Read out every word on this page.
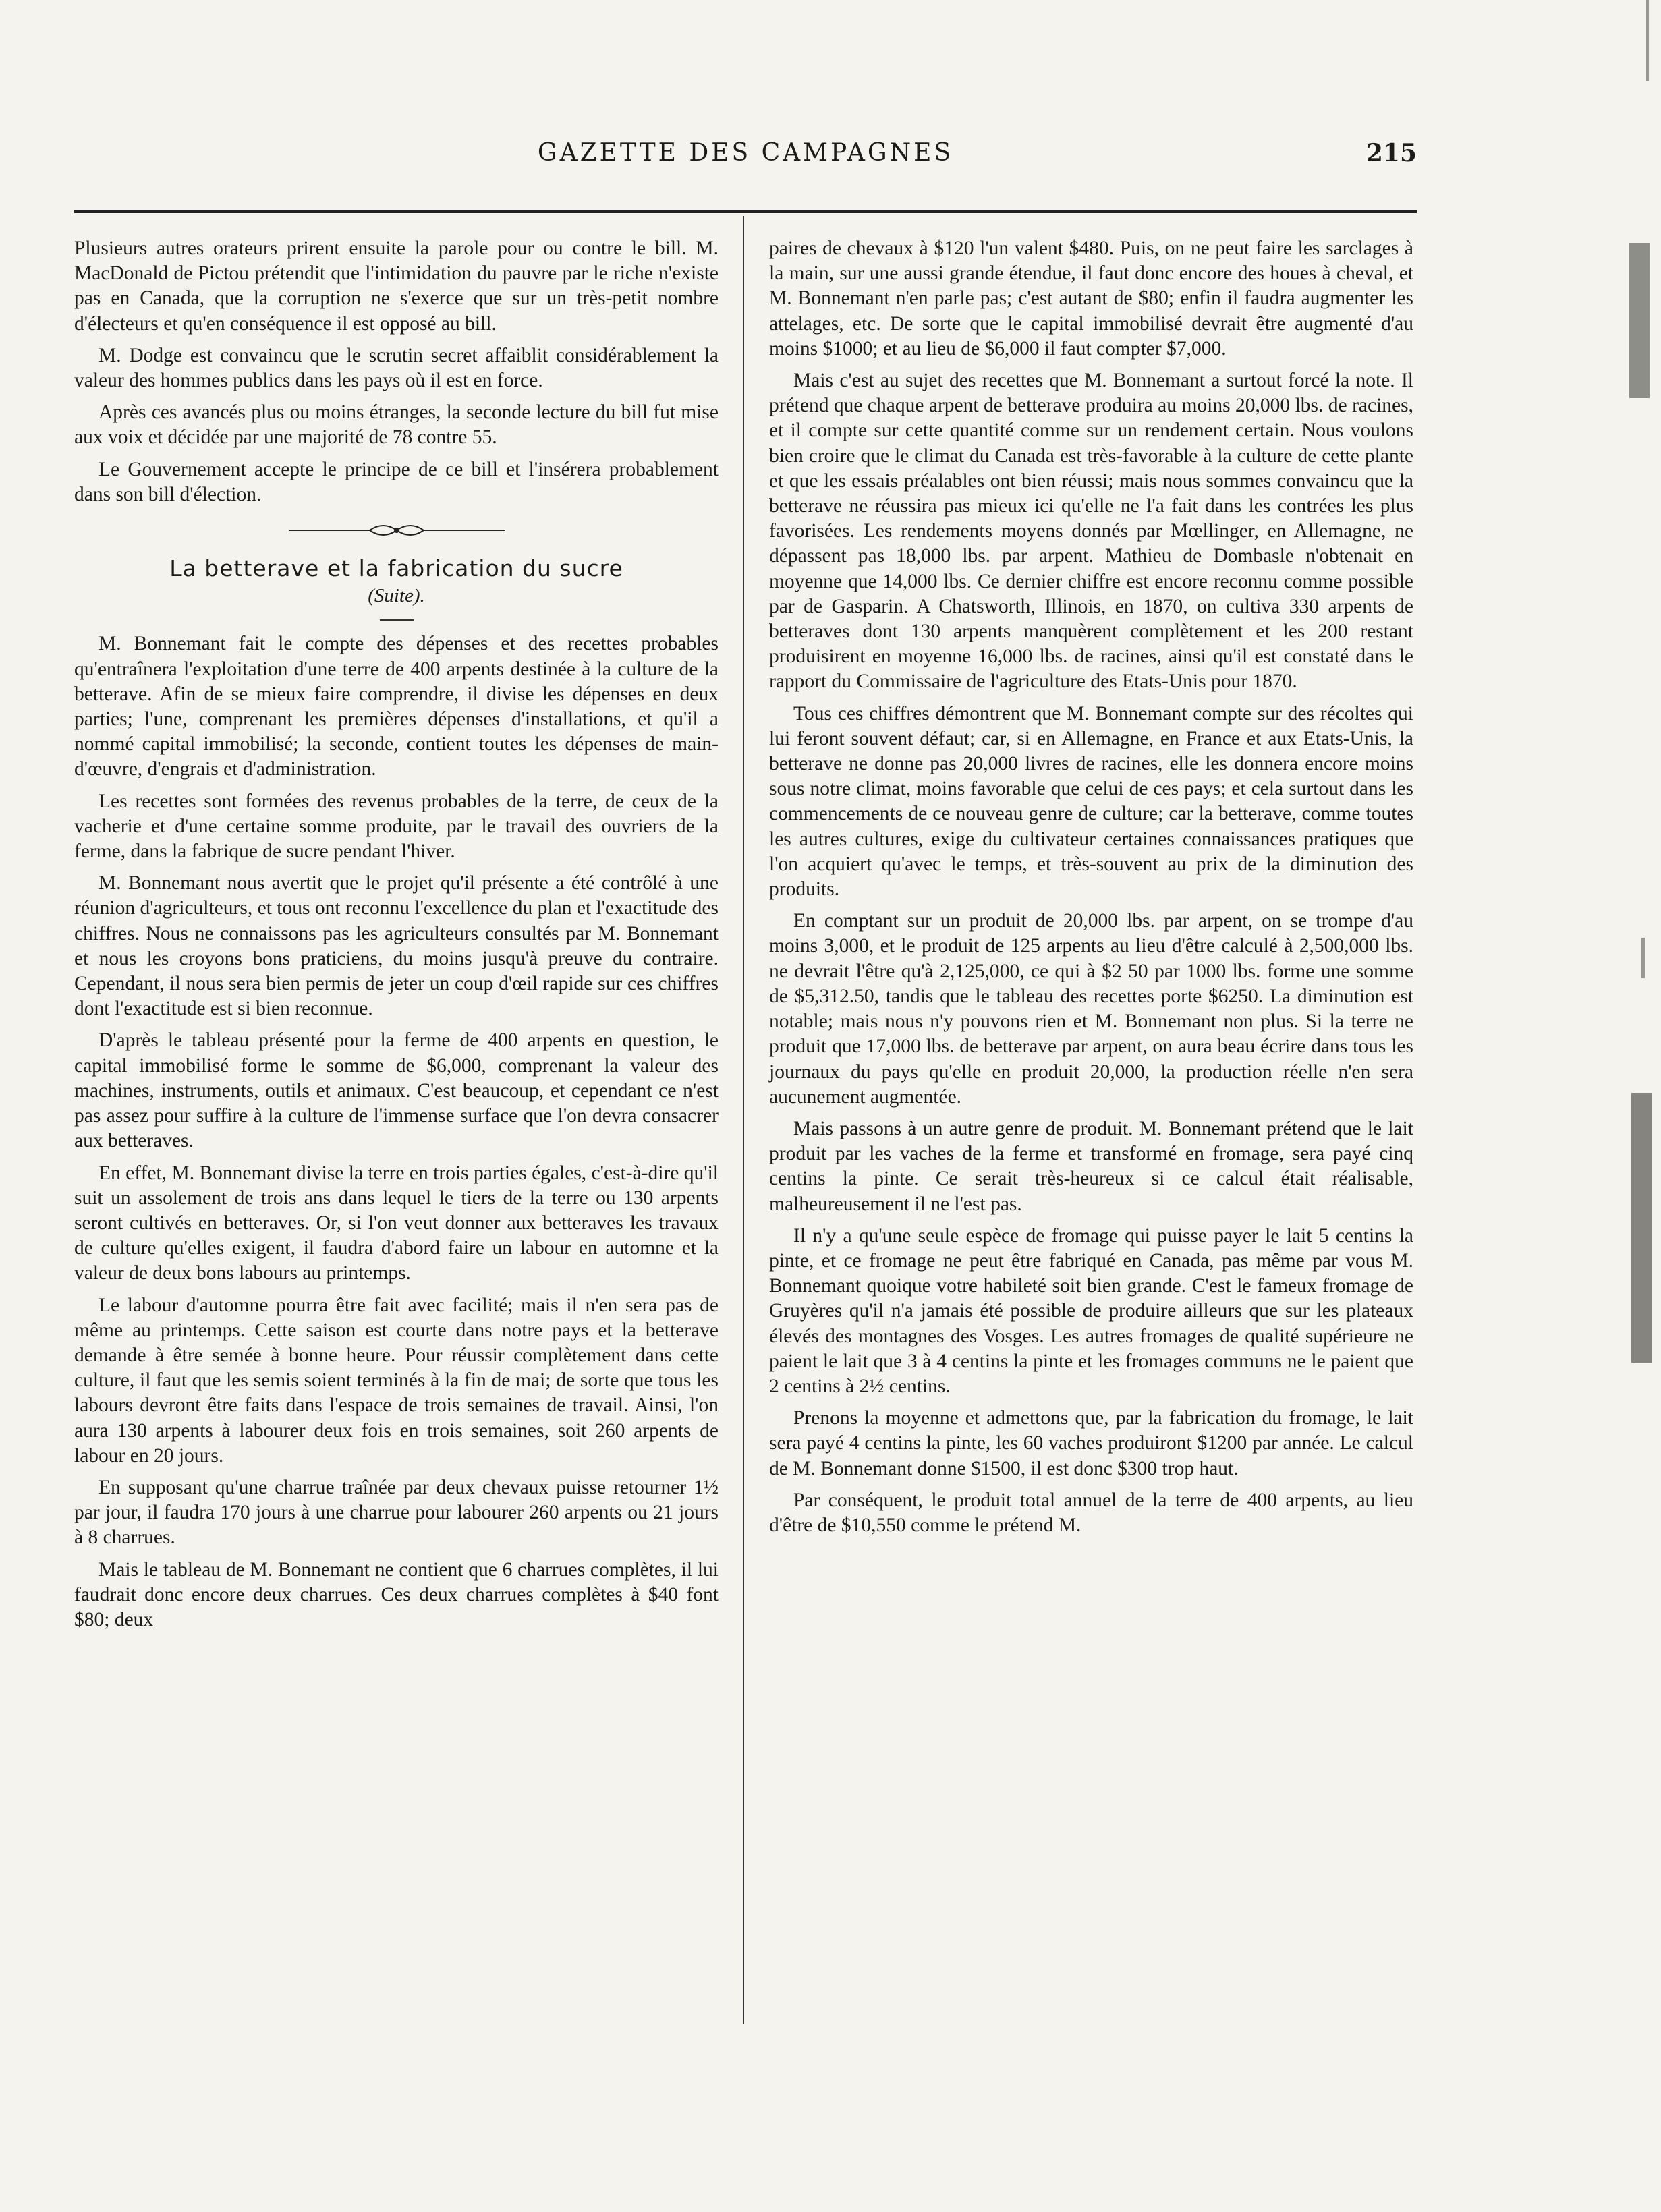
GAZETTE DES CAMPAGNES	215

Plusieurs autres orateurs prirent ensuite la parole pour ou contre le bill. M. MacDonald de Pictou prétendit que l'intimidation du pauvre par le riche n'existe pas en Canada, que la corruption ne s'exerce que sur un très-petit nombre d'électeurs et qu'en conséquence il est opposé au bill.

M. Dodge est convaincu que le scrutin secret affaiblit considérablement la valeur des hommes publics dans les pays où il est en force.

Après ces avancés plus ou moins étranges, la seconde lecture du bill fut mise aux voix et décidée par une majorité de 78 contre 55.

Le Gouvernement accepte le principe de ce bill et l'insérera probablement dans son bill d'élection.

La betterave et la fabrication du sucre
(Suite).

M. Bonnemant fait le compte des dépenses et des recettes probables qu'entraînera l'exploitation d'une terre de 400 arpents destinée à la culture de la betterave. Afin de se mieux faire comprendre, il divise les dépenses en deux parties; l'une, comprenant les premières dépenses d'installations, et qu'il a nommé capital immobilisé; la seconde, contient toutes les dépenses de main-d'œuvre, d'engrais et d'administration.

Les recettes sont formées des revenus probables de la terre, de ceux de la vacherie et d'une certaine somme produite, par le travail des ouvriers de la ferme, dans la fabrique de sucre pendant l'hiver.

M. Bonnemant nous avertit que le projet qu'il présente a été contrôlé à une réunion d'agriculteurs, et tous ont reconnu l'excellence du plan et l'exactitude des chiffres. Nous ne connaissons pas les agriculteurs consultés par M. Bonnemant et nous les croyons bons praticiens, du moins jusqu'à preuve du contraire. Cependant, il nous sera bien permis de jeter un coup d'œil rapide sur ces chiffres dont l'exactitude est si bien reconnue.

D'après le tableau présenté pour la ferme de 400 arpents en question, le capital immobilisé forme le somme de $6,000, comprenant la valeur des machines, instruments, outils et animaux. C'est beaucoup, et cependant ce n'est pas assez pour suffire à la culture de l'immense surface que l'on devra consacrer aux betteraves.

En effet, M. Bonnemant divise la terre en trois parties égales, c'est-à-dire qu'il suit un assolement de trois ans dans lequel le tiers de la terre ou 130 arpents seront cultivés en betteraves. Or, si l'on veut donner aux betteraves les travaux de culture qu'elles exigent, il faudra d'abord faire un labour en automne et la valeur de deux bons labours au printemps.

Le labour d'automne pourra être fait avec facilité; mais il n'en sera pas de même au printemps. Cette saison est courte dans notre pays et la betterave demande à être semée à bonne heure. Pour réussir complètement dans cette culture, il faut que les semis soient terminés à la fin de mai; de sorte que tous les labours devront être faits dans l'espace de trois semaines de travail. Ainsi, l'on aura 130 arpents à labourer deux fois en trois semaines, soit 260 arpents de labour en 20 jours.

En supposant qu'une charrue traînée par deux chevaux puisse retourner 1½ par jour, il faudra 170 jours à une charrue pour labourer 260 arpents ou 21 jours à 8 charrues.

Mais le tableau de M. Bonnemant ne contient que 6 charrues complètes, il lui faudrait donc encore deux charrues. Ces deux charrues complètes à $40 font $80; deux

paires de chevaux à $120 l'un valent $480. Puis, on ne peut faire les sarclages à la main, sur une aussi grande étendue, il faut donc encore des houes à cheval, et M. Bonnemant n'en parle pas; c'est autant de $80; enfin il faudra augmenter les attelages, etc. De sorte que le capital immobilisé devrait être augmenté d'au moins $1000; et au lieu de $6,000 il faut compter $7,000.

Mais c'est au sujet des recettes que M. Bonnemant a surtout forcé la note. Il prétend que chaque arpent de betterave produira au moins 20,000 lbs. de racines, et il compte sur cette quantité comme sur un rendement certain. Nous voulons bien croire que le climat du Canada est très-favorable à la culture de cette plante et que les essais préalables ont bien réussi; mais nous sommes convaincu que la betterave ne réussira pas mieux ici qu'elle ne l'a fait dans les contrées les plus favorisées. Les rendements moyens donnés par Mœllinger, en Allemagne, ne dépassent pas 18,000 lbs. par arpent. Mathieu de Dombasle n'obtenait en moyenne que 14,000 lbs. Ce dernier chiffre est encore reconnu comme possible par de Gasparin. A Chatsworth, Illinois, en 1870, on cultiva 330 arpents de betteraves dont 130 arpents manquèrent complètement et les 200 restant produisirent en moyenne 16,000 lbs. de racines, ainsi qu'il est constaté dans le rapport du Commissaire de l'agriculture des Etats-Unis pour 1870.

Tous ces chiffres démontrent que M. Bonnemant compte sur des récoltes qui lui feront souvent défaut; car, si en Allemagne, en France et aux Etats-Unis, la betterave ne donne pas 20,000 livres de racines, elle les donnera encore moins sous notre climat, moins favorable que celui de ces pays; et cela surtout dans les commencements de ce nouveau genre de culture; car la betterave, comme toutes les autres cultures, exige du cultivateur certaines connaissances pratiques que l'on acquiert qu'avec le temps, et très-souvent au prix de la diminution des produits.

En comptant sur un produit de 20,000 lbs. par arpent, on se trompe d'au moins 3,000, et le produit de 125 arpents au lieu d'être calculé à 2,500,000 lbs. ne devrait l'être qu'à 2,125,000, ce qui à $2 50 par 1000 lbs. forme une somme de $5,312.50, tandis que le tableau des recettes porte $6250. La diminution est notable; mais nous n'y pouvons rien et M. Bonnemant non plus. Si la terre ne produit que 17,000 lbs. de betterave par arpent, on aura beau écrire dans tous les journaux du pays qu'elle en produit 20,000, la production réelle n'en sera aucunement augmentée.

Mais passons à un autre genre de produit. M. Bonnemant prétend que le lait produit par les vaches de la ferme et transformé en fromage, sera payé cinq centins la pinte. Ce serait très-heureux si ce calcul était réalisable, malheureusement il ne l'est pas.

Il n'y a qu'une seule espèce de fromage qui puisse payer le lait 5 centins la pinte, et ce fromage ne peut être fabriqué en Canada, pas même par vous M. Bonnemant quoique votre habileté soit bien grande. C'est le fameux fromage de Gruyères qu'il n'a jamais été possible de produire ailleurs que sur les plateaux élevés des montagnes des Vosges. Les autres fromages de qualité supérieure ne paient le lait que 3 à 4 centins la pinte et les fromages communs ne le paient que 2 centins à 2½ centins.

Prenons la moyenne et admettons que, par la fabrication du fromage, le lait sera payé 4 centins la pinte, les 60 vaches produiront $1200 par année. Le calcul de M. Bonnemant donne $1500, il est donc $300 trop haut.

Par conséquent, le produit total annuel de la terre de 400 arpents, au lieu d'être de $10,550 comme le prétend M.
